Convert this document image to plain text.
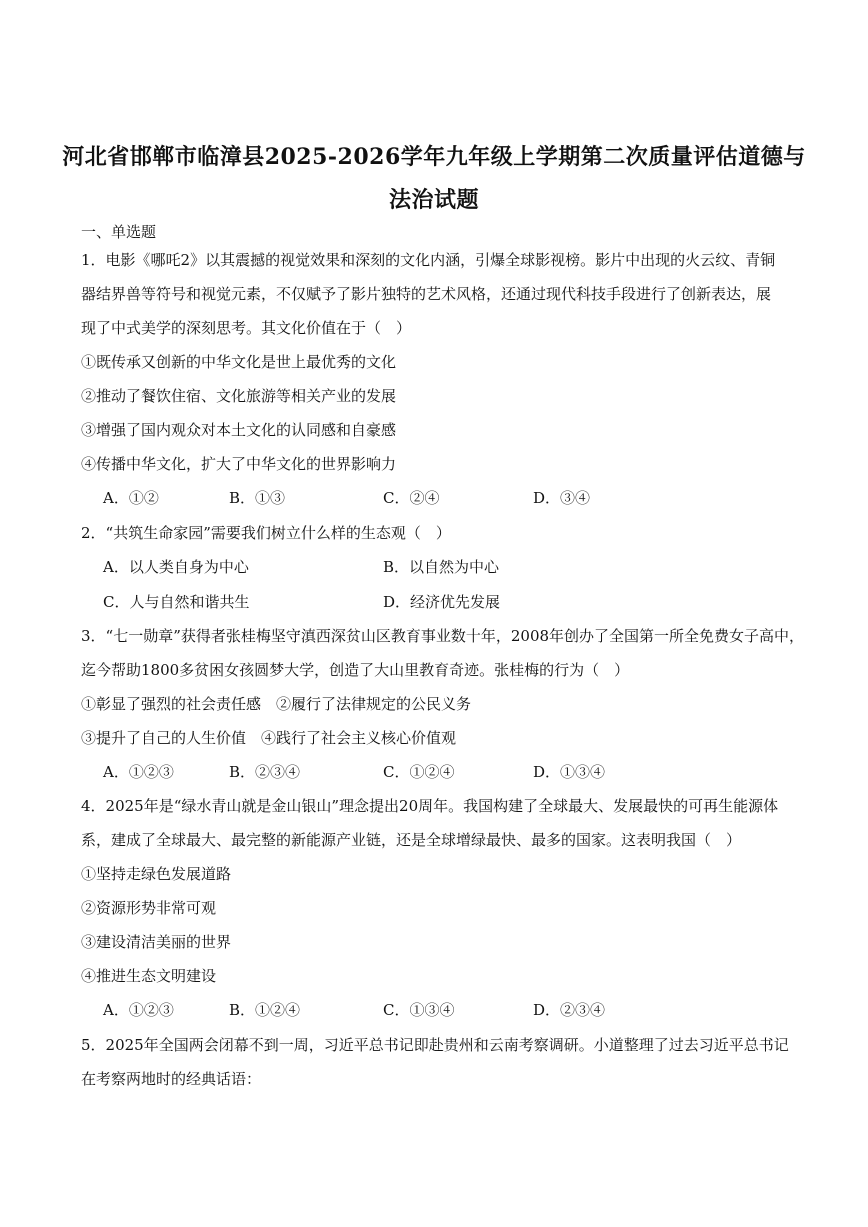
河北省邯郸市临漳县2025-2026学年九年级上学期第二次质量评估道德与
法治试题
一、单选题
1．电影《哪吒2》以其震撼的视觉效果和深刻的文化内涵，引爆全球影视榜。影片中出现的火云纹、青铜
器结界兽等符号和视觉元素，不仅赋予了影片独特的艺术风格，还通过现代科技手段进行了创新表达，展
现了中式美学的深刻思考。其文化价值在于（　）
①既传承又创新的中华文化是世上最优秀的文化
②推动了餐饮住宿、文化旅游等相关产业的发展
③增强了国内观众对本土文化的认同感和自豪感
④传播中华文化，扩大了中华文化的世界影响力
A．①②	B．①③	C．②④	D．③④
2．“共筑生命家园”需要我们树立什么样的生态观（　）
A．以人类自身为中心	B．以自然为中心
C．人与自然和谐共生	D．经济优先发展
3．“七一勋章”获得者张桂梅坚守滇西深贫山区教育事业数十年，2008年创办了全国第一所全免费女子高中，
迄今帮助1800多贫困女孩圆梦大学，创造了大山里教育奇迹。张桂梅的行为（　）
①彰显了强烈的社会责任感　②履行了法律规定的公民义务
③提升了自己的人生价值　④践行了社会主义核心价值观
A．①②③	B．②③④	C．①②④	D．①③④
4．2025年是“绿水青山就是金山银山”理念提出20周年。我国构建了全球最大、发展最快的可再生能源体
系，建成了全球最大、最完整的新能源产业链，还是全球增绿最快、最多的国家。这表明我国（　）
①坚持走绿色发展道路
②资源形势非常可观
③建设清洁美丽的世界
④推进生态文明建设
A．①②③	B．①②④	C．①③④	D．②③④
5．2025年全国两会闭幕不到一周，习近平总书记即赴贵州和云南考察调研。小道整理了过去习近平总书记
在考察两地时的经典话语：
